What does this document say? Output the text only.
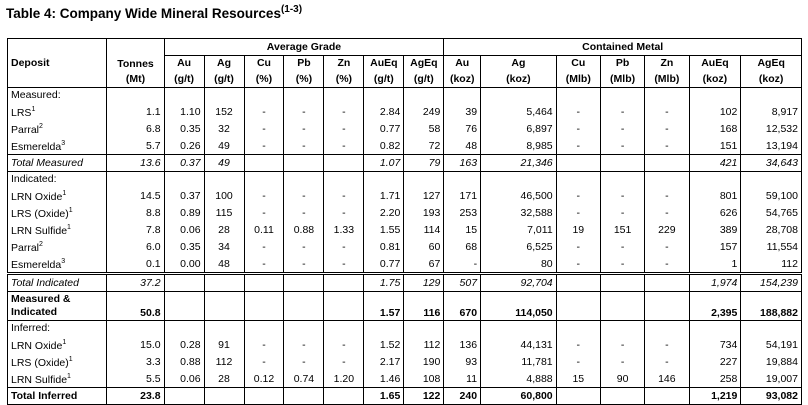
Table 4: Company Wide Mineral Resources$^{(1-3)}$
Deposit	Tonnes	Average Grade							Contained Metal						
		Au	Ag	Cu	Pb	Zn	AuEq	AgEq	Au	Ag	Cu	Pb	Zn	AuEq	AgEq
	(Mt)	(g/t)	(g/t)	(%)	(%)	(%)	(g/t)	(g/t)	(koz)	(koz)	(Mlb)	(Mlb)	(Mlb)	(koz)	(koz)
Measured:															
LRS$^1$	1.1	1.10	152	-	-	-	2.84	249	39	5,464	-	-	-	102	8,917
Parral$^2$	6.8	0.35	32	-	-	-	0.77	58	76	6,897	-	-	-	168	12,532
Esmerelda$^3$	5.7	0.26	49	-	-	-	0.82	72	48	8,985	-	-	-	151	13,194
Total Measured	13.6	0.37	49				1.07	79	163	21,346				421	34,643
Indicated:															
LRN Oxide$^1$	14.5	0.37	100	-	-	-	1.71	127	171	46,500	-	-	-	801	59,100
LRS (Oxide)$^1$	8.8	0.89	115	-	-	-	2.20	193	253	32,588	-	-	-	626	54,765
LRN Sulfide$^1$	7.8	0.06	28	0.11	0.88	1.33	1.55	114	15	7,011	19	151	229	389	28,708
Parral$^2$	6.0	0.35	34	-	-	-	0.81	60	68	6,525	-	-	-	157	11,554
Esmerelda$^3$	0.1	0.00	48	-	-	-	0.77	67	-	80	-	-	-	1	112
Total Indicated	37.2						1.75	129	507	92,704				1,974	154,239

Measured &
Indicated	50.8						1.57	116	670	114,050				2,395	188,882
Inferred:															
LRN Oxide$^1$	15.0	0.28	91	-	-	-	1.52	112	136	44,131	-	-	-	734	54,191
LRS (Oxide)$^1$	3.3	0.88	112	-	-	-	2.17	190	93	11,781	-	-	-	227	19,884
LRN Sulfide$^1$	5.5	0.06	28	0.12	0.74	1.20	1.46	108	11	4,888	15	90	146	258	19,007
Total Inferred	23.8						1.65	122	240	60,800				1,219	93,082
